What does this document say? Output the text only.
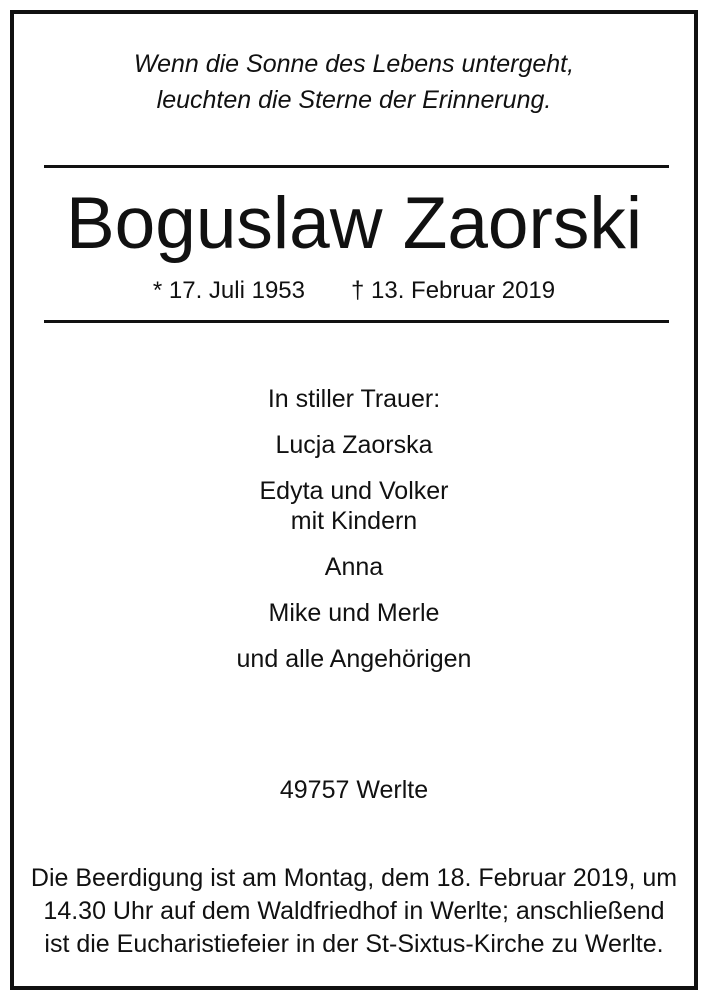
Wenn die Sonne des Lebens untergeht,
leuchten die Sterne der Erinnerung.
Boguslaw Zaorski
* 17. Juli 1953 † 13. Februar 2019
In stiller Trauer:
Lucja Zaorska
Edyta und Volker
mit Kindern
Anna
Mike und Merle
und alle Angehörigen
49757 Werlte
Die Beerdigung ist am Montag, dem 18. Februar 2019, um
14.30 Uhr auf dem Waldfriedhof in Werlte; anschließend
ist die Eucharistiefeier in der St-Sixtus-Kirche zu Werlte.
